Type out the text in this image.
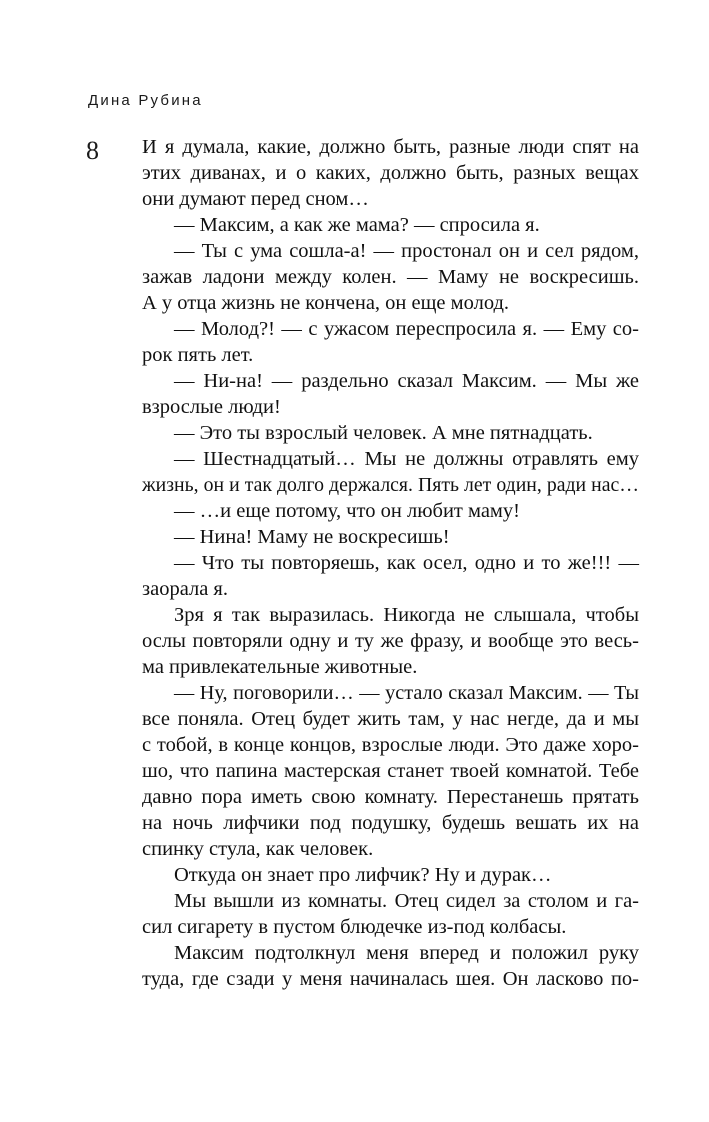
Дина Рубина
8 И я думала, какие, должно быть, разные люди спят на
этих диванах, и о каких, должно быть, разных вещах
они думают перед сном…
— Максим, а как же мама? — спросила я.
— Ты с ума сошла-а! — простонал он и сел рядом,
зажав ладони между колен. — Маму не воскресишь.
А у отца жизнь не кончена, он еще молод.
— Молод?! — с ужасом переспросила я. — Ему со-
рок пять лет.
— Ни-на! — раздельно сказал Максим. — Мы же
взрослые люди!
— Это ты взрослый человек. А мне пятнадцать.
— Шестнадцатый… Мы не должны отравлять ему
жизнь, он и так долго держался. Пять лет один, ради нас…
— …и еще потому, что он любит маму!
— Нина! Маму не воскресишь!
— Что ты повторяешь, как осел, одно и то же!!! —
заорала я.
Зря я так выразилась. Никогда не слышала, чтобы
ослы повторяли одну и ту же фразу, и вообще это весь-
ма привлекательные животные.
— Ну, поговорили… — устало сказал Максим. — Ты
все поняла. Отец будет жить там, у нас негде, да и мы
с тобой, в конце концов, взрослые люди. Это даже хоро-
шо, что папина мастерская станет твоей комнатой. Тебе
давно пора иметь свою комнату. Перестанешь прятать
на ночь лифчики под подушку, будешь вешать их на
спинку стула, как человек.
Откуда он знает про лифчик? Ну и дурак…
Мы вышли из комнаты. Отец сидел за столом и га-
сил сигарету в пустом блюдечке из-под колбасы.
Максим подтолкнул меня вперед и положил руку
туда, где сзади у меня начиналась шея. Он ласково по-
